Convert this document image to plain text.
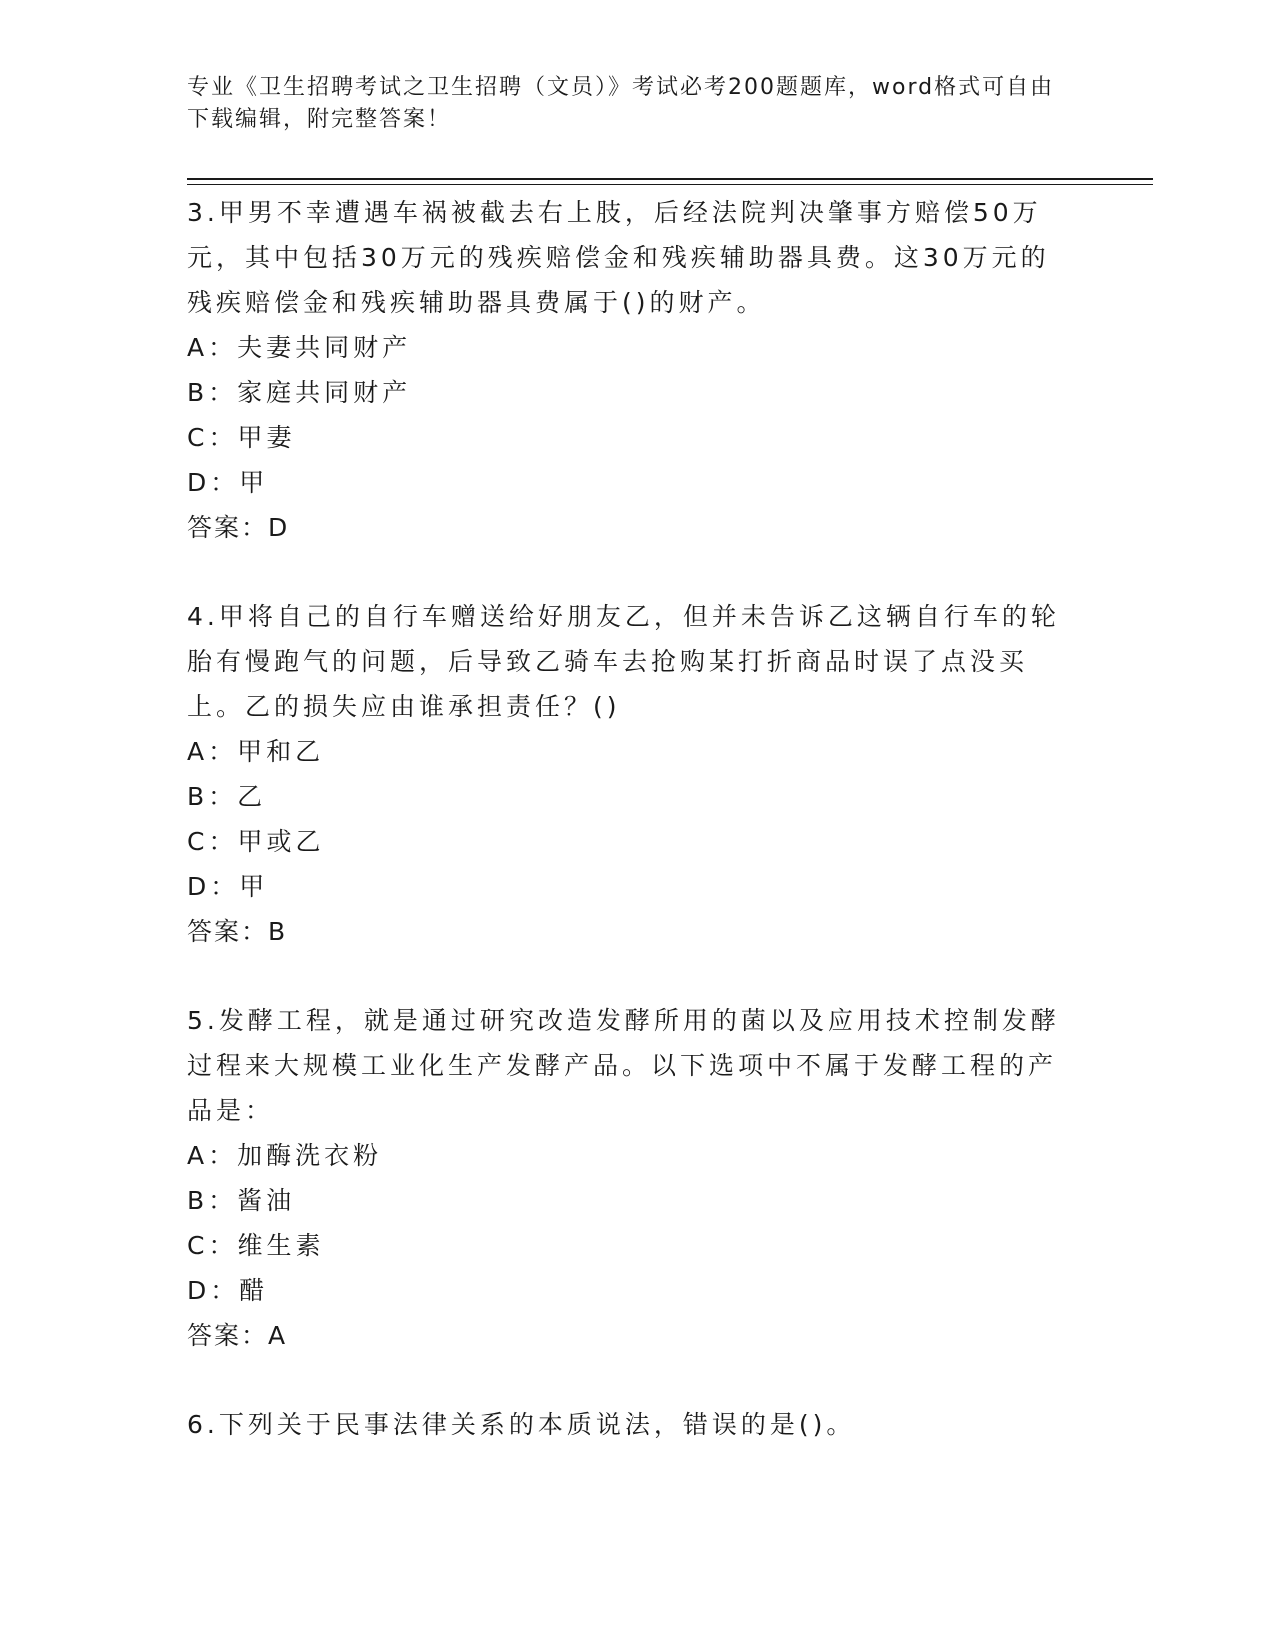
专业《卫生招聘考试之卫生招聘（文员）》考试必考200题题库，word格式可自由下载编辑，附完整答案！

3.甲男不幸遭遇车祸被截去右上肢，后经法院判决肇事方赔偿50万元，其中包括30万元的残疾赔偿金和残疾辅助器具费。这30万元的残疾赔偿金和残疾辅助器具费属于()的财产。

A：夫妻共同财产

B：家庭共同财产

C：甲妻

D：甲

答案：D

4.甲将自己的自行车赠送给好朋友乙，但并未告诉乙这辆自行车的轮胎有慢跑气的问题，后导致乙骑车去抢购某打折商品时误了点没买上。乙的损失应由谁承担责任？()

A：甲和乙

B：乙

C：甲或乙

D：甲

答案：B

5.发酵工程，就是通过研究改造发酵所用的菌以及应用技术控制发酵过程来大规模工业化生产发酵产品。以下选项中不属于发酵工程的产品是：

A：加酶洗衣粉

B：酱油

C：维生素

D：醋

答案：A

6.下列关于民事法律关系的本质说法，错误的是()。
